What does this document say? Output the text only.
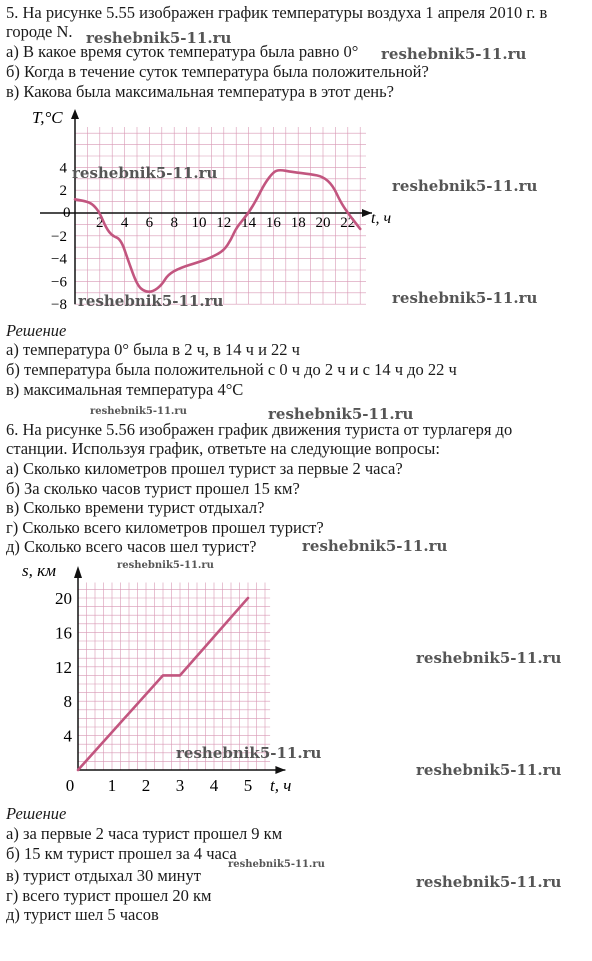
5. На рисунке 5.55 изображен график температуры воздуха 1 апреля 2010 г. в
городе N.
а) В какое время суток температура была равно 0°
б) Когда в течение суток температура была положительной?
в) Какова была максимальная температура в этот день?
T,°C
t, ч
0
2 4 6 8 10 12 14 16 18 20 22
4
2
−2
−4
−6
−8
Решение
а) температура 0° была в 2 ч, в 14 ч и 22 ч
б) температура была положительной с 0 ч до 2 ч и с 14 ч до 22 ч
в) максимальная температура 4°С
6. На рисунке 5.56 изображен график движения туриста от турлагеря до
станции. Используя график, ответьте на следующие вопросы:
а) Сколько километров прошел турист за первые 2 часа?
б) За сколько часов турист прошел 15 км?
в) Сколько времени турист отдыхал?
г) Сколько всего километров прошел турист?
д) Сколько всего часов шел турист?
s, км
t, ч
0 1 2 3 4 5
20
16
12
8
4
Решение
а) за первые 2 часа турист прошел 9 км
б) 15 км турист прошел за 4 часа
в) турист отдыхал 30 минут
г) всего турист прошел 20 км
д) турист шел 5 часов
reshebnik5-11.ru
reshebnik5-11.ru
reshebnik5-11.ru
reshebnik5-11.ru
reshebnik5-11.ru	reshebnik5-11.ru
reshebnik5-11.ru	reshebnik5-11.ru
reshebnik5-11.ru
reshebnik5-11.ru
reshebnik5-11.ru
reshebnik5-11.ru
reshebnik5-11.ru
reshebnik5-11.ru
reshebnik5-11.ru
